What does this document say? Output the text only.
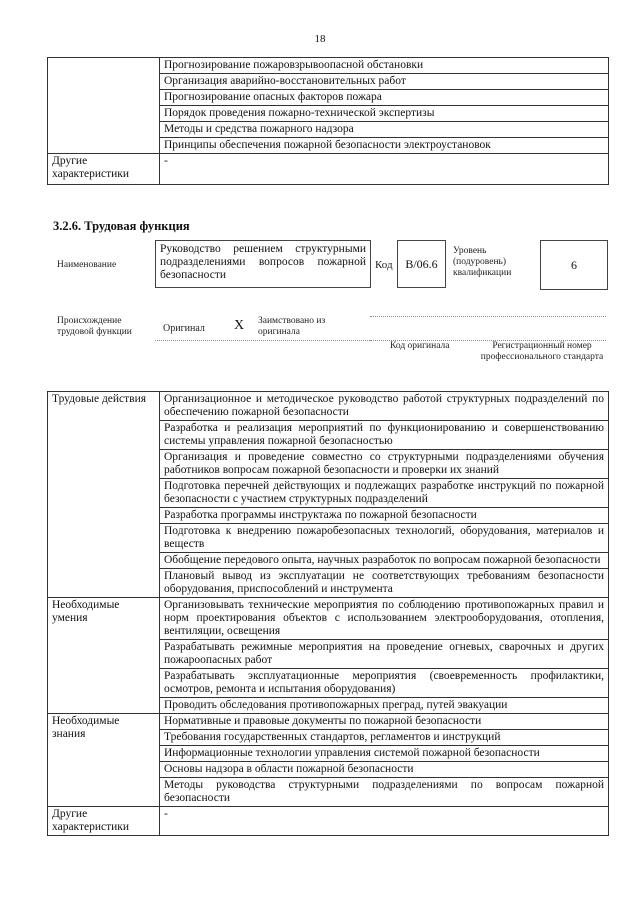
18
	Прогнозирование пожаровзрывоопасной обстановки
	Организация аварийно-восстановительных работ
	Прогнозирование опасных факторов пожара
	Порядок проведения пожарно-технической экспертизы
	Методы и средства пожарного надзора
	Принципы обеспечения пожарной безопасности электроустановок
Другие характеристики	-
3.2.6. Трудовая функция
Наименование
Руководство решением структурными подразделениями вопросов пожарной безопасности
Код	B/06.6
Уровень (подуровень) квалификации
6
Происхождение трудовой функции	Оригинал X Заимствовано из оригинала
Код оригинала	Регистрационный номер профессионального стандарта
Трудовые действия	Организационное и методическое руководство работой структурных подразделений по обеспечению пожарной безопасности
	Разработка и реализация мероприятий по функционированию и совершенствованию системы управления пожарной безопасностью
	Организация и проведение совместно со структурными подразделениями обучения работников вопросам пожарной безопасности и проверки их знаний
	Подготовка перечней действующих и подлежащих разработке инструкций по пожарной безопасности с участием структурных подразделений
	Разработка программы инструктажа по пожарной безопасности
	Подготовка к внедрению пожаробезопасных технологий, оборудования, материалов и веществ
	Обобщение передового опыта, научных разработок по вопросам пожарной безопасности
	Плановый вывод из эксплуатации не соответствующих требованиям безопасности оборудования, приспособлений и инструмента
Необходимые умения	Организовывать технические мероприятия по соблюдению противопожарных правил и норм проектирования объектов с использованием электрооборудования, отопления, вентиляции, освещения
	Разрабатывать режимные мероприятия на проведение огневых, сварочных и других пожароопасных работ
	Разрабатывать эксплуатационные мероприятия (своевременность профилактики, осмотров, ремонта и испытания оборудования)
	Проводить обследования противопожарных преград, путей эвакуации
Необходимые знания	Нормативные и правовые документы по пожарной безопасности
	Требования государственных стандартов, регламентов и инструкций
	Информационные технологии управления системой пожарной безопасности
	Основы надзора в области пожарной безопасности
	Методы руководства структурными подразделениями по вопросам пожарной безопасности
Другие характеристики	-
